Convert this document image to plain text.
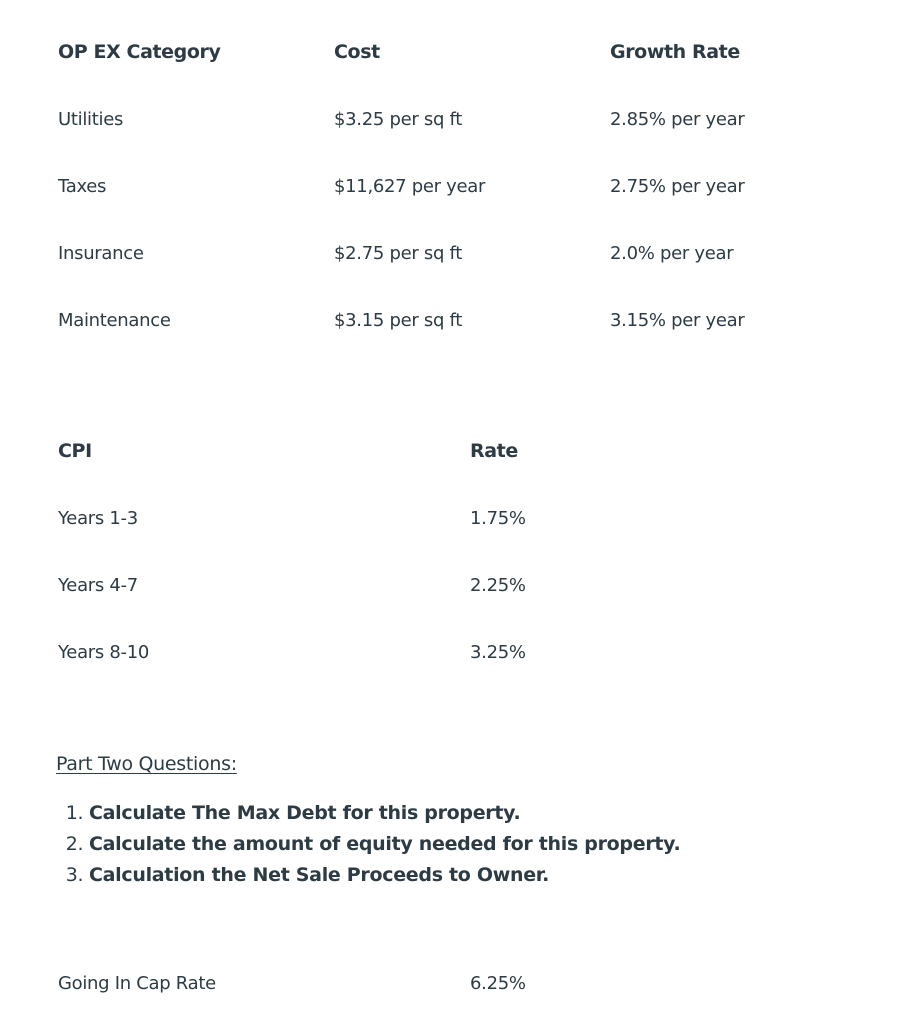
OP EX Category	Cost	Growth Rate
Utilities	$3.25 per sq ft	2.85% per year
Taxes	$11,627 per year	2.75% per year
Insurance	$2.75 per sq ft	2.0% per year
Maintenance	$3.15 per sq ft	3.15% per year
CPI	Rate
Years 1-3	1.75%
Years 4-7	2.25%
Years 8-10	3.25%
Part Two Questions:
1. Calculate The Max Debt for this property.
2. Calculate the amount of equity needed for this property.
3. Calculation the Net Sale Proceeds to Owner.
Going In Cap Rate	6.25%
